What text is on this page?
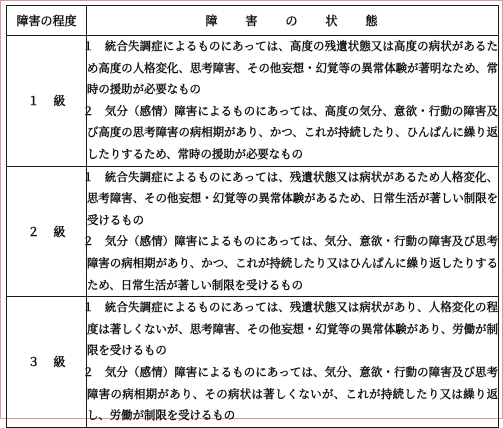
障害の程度	障 害 の 状 態

１ 級	１ 統合失調症によるものにあっては、高度の残遺状態又は高度の病状があるため高度の人格変化、思考障害、その他妄想・幻覚等の異常体験が著明なため、常時の援助が必要なもの
２ 気分（感情）障害によるものにあっては、高度の気分、意欲・行動の障害及び高度の思考障害の病相期があり、かつ、これが持続したり、ひんぱんに繰り返したりするため、常時の援助が必要なもの

２ 級	１ 統合失調症によるものにあっては、残遺状態又は病状があるため人格変化、思考障害、その他妄想・幻覚等の異常体験があるため、日常生活が著しい制限を受けるもの
２ 気分（感情）障害によるものにあっては、気分、意欲・行動の障害及び思考障害の病相期があり、かつ、これが持続したり又はひんぱんに繰り返したりするため、日常生活が著しい制限を受けるもの

３ 級	１ 統合失調症によるものにあっては、残遺状態又は病状があり、人格変化の程度は著しくないが、思考障害、その他妄想・幻覚等の異常体験があり、労働が制限を受けるもの
２ 気分（感情）障害によるものにあっては、気分、意欲・行動の障害及び思考障害の病相期があり、その病状は著しくないが、これが持続したり又は繰り返し、労働が制限を受けるもの
